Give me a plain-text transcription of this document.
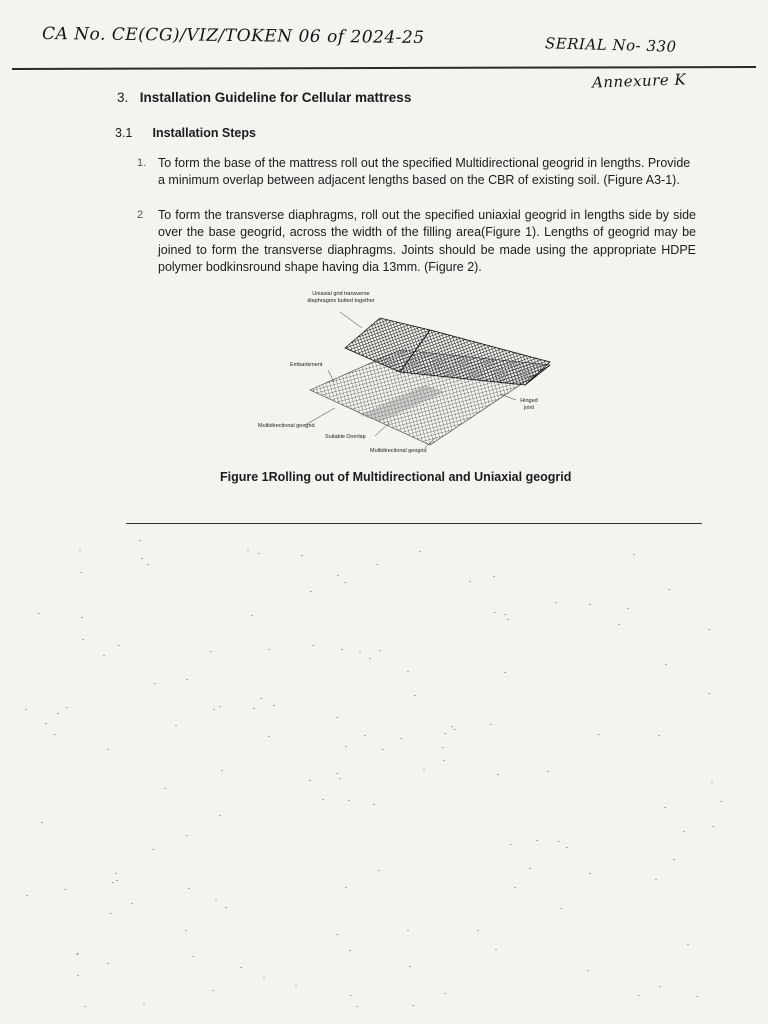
CA No. CE(CG)/VIZ/TOKEN 06 of 2024-25	SERIAL No- 330
Annexure K
3. Installation Guideline for Cellular mattress
3.1 Installation Steps
1. To form the base of the mattress roll out the specified Multidirectional geogrid in lengths. Provide a minimum overlap between adjacent lengths based on the CBR of existing soil. (Figure A3-1).
2 To form the transverse diaphragms, roll out the specified uniaxial geogrid in lengths side by side over the base geogrid, across the width of the filling area(Figure 1). Lengths of geogrid may be joined to form the transverse diaphragms. Joints should be made using the appropriate HDPE polymer bodkinsround shape having dia 13mm. (Figure 2).
Uniaxial grid transverse diaphragms butted together
Embankment
Hinged joint
Multidirectional geogrid
Suitable Overlap
Multidirectional geogrid
Figure 1Rolling out of Multidirectional and Uniaxial geogrid
